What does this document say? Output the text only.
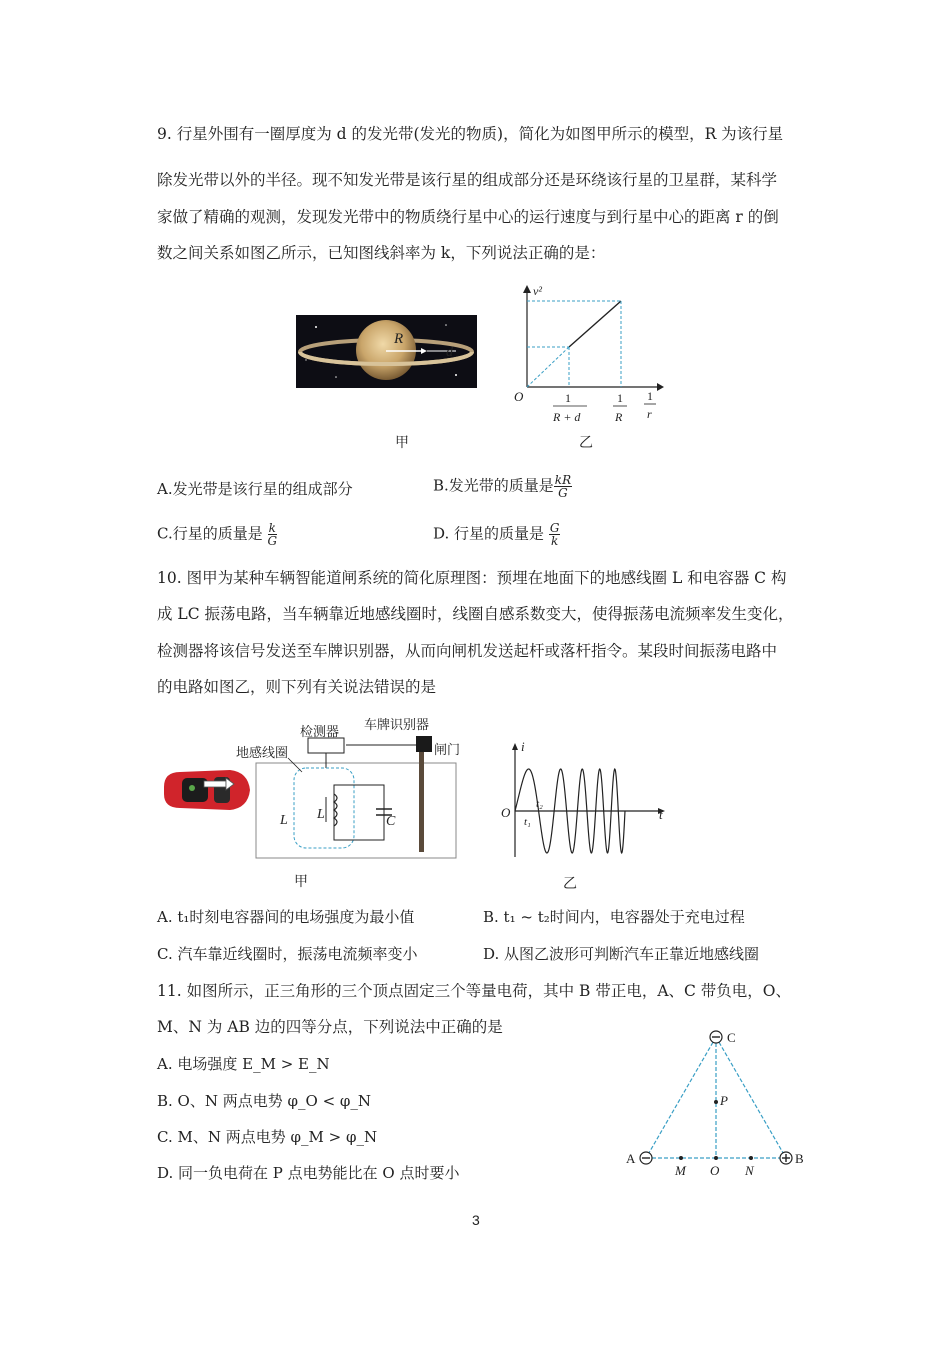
9. 行星外围有一圈厚度为 d 的发光带(发光的物质)，简化为如图甲所示的模型，R 为该行星
除发光带以外的半径。现不知发光带是该行星的组成部分还是环绕该行星的卫星群，某科学
家做了精确的观测，发现发光带中的物质绕行星中心的运行速度与到行星中心的距离 r 的倒
数之间关系如图乙所示，已知图线斜率为 k，下列说法正确的是：
R
d
甲
v²
O	1
R + d
1
R
1
r
乙
A.发光带是该行星的组成部分	B.发光带的质量是 $\frac{kR}{G}$
C.行星的质量是 $\frac{k}{G}$	D. 行星的质量是 $\frac{G}{k}$
10. 图甲为某种车辆智能道闸系统的简化原理图：预埋在地面下的地感线圈 L 和电容器 C 构
成 LC 振荡电路，当车辆靠近地感线圈时，线圈自感系数变大，使得振荡电流频率发生变化，
检测器将该信号发送至车牌识别器，从而向闸机发送起杆或落杆指令。某段时间振荡电路中
的电路如图乙，则下列有关说法错误的是
L L	C
检测器 车牌识别器
闸门
地感线圈
甲
i
t
O
t₁
t₂
乙
A. t₁时刻电容器间的电场强度为最小值	B. t₁ ~ t₂时间内，电容器处于充电过程
C. 汽车靠近线圈时，振荡电流频率变小	D. 从图乙波形可判断汽车正靠近地感线圈
11. 如图所示，正三角形的三个顶点固定三个等量电荷，其中 B 带正电，A、C 带负电，O、
M、N 为 AB 边的四等分点，下列说法中正确的是
A. 电场强度 E_M > E_N
B. O、N 两点电势 φ_O < φ_N
C. M、N 两点电势 φ_M > φ_N
D. 同一负电荷在 P 点电势能比在 O 点时要小
C
A	B
M O N
P
3
